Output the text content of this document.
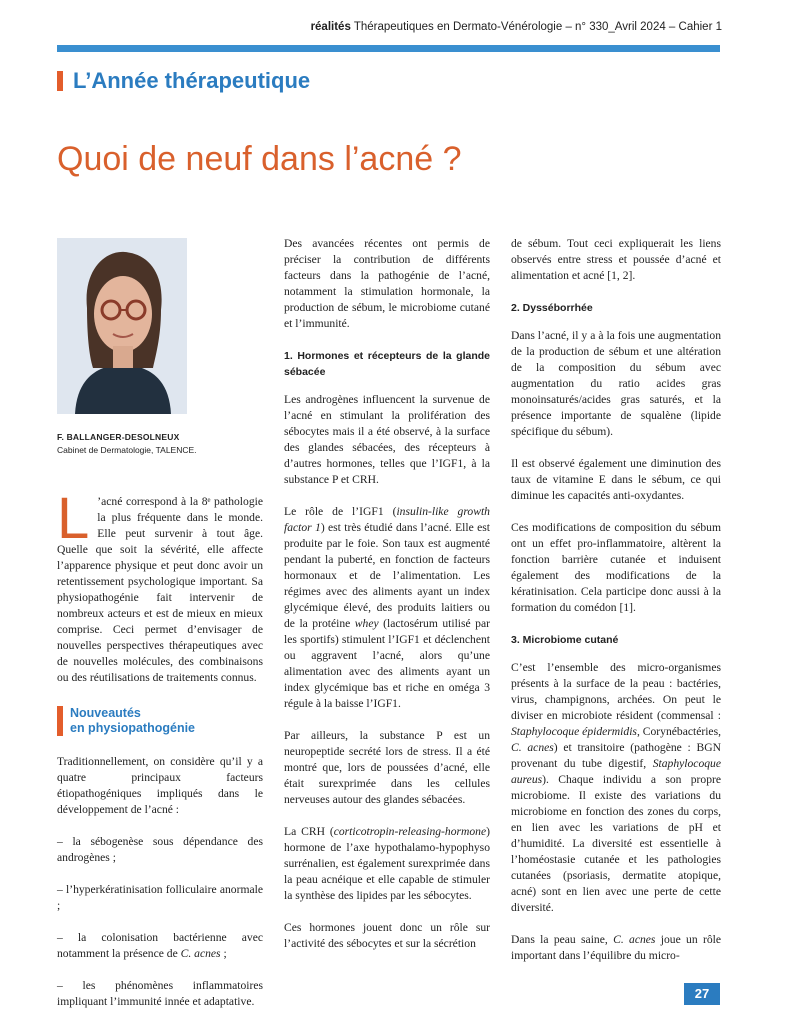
réalités Thérapeutiques en Dermato-Vénérologie – n° 330_Avril 2024 – Cahier 1
L’Année thérapeutique
Quoi de neuf dans l’acné ?
F. BALLANGER-DESOLNEUX
Cabinet de Dermatologie, TALENCE.

L ’acné correspond à la 8ᵉ pathologie la plus fréquente dans le monde. Elle peut survenir à tout âge. Quelle que soit la sévérité, elle affecte l’apparence physique et peut donc avoir un retentissement psychologique important. Sa physiopathogénie fait intervenir de nombreux acteurs et est de mieux en mieux comprise. Ceci permet d’envisager de nouvelles perspectives thérapeutiques avec de nouvelles molécules, des combinaisons ou des réutilisations de traitements connus.

Nouveautés
en physiopathogénie

Traditionnellement, on considère qu’il y a quatre principaux facteurs étiopathogéniques impliqués dans le développement de l’acné :

– la sébogenèse sous dépendance des androgènes ;

– l’hyperkératinisation folliculaire anormale ;

– la colonisation bactérienne avec notamment la présence de C. acnes ;

– les phénomènes inflammatoires impliquant l’immunité innée et adaptative.

Des avancées récentes ont permis de préciser la contribution de différents facteurs dans la pathogénie de l’acné, notamment la stimulation hormonale, la production de sébum, le microbiome cutané et l’immunité.

1. Hormones et récepteurs de la glande sébacée

Les androgènes influencent la survenue de l’acné en stimulant la prolifération des sébocytes mais il a été observé, à la surface des glandes sébacées, des récepteurs à d’autres hormones, telles que l’IGF1, à la substance P et CRH.

Le rôle de l’IGF1 (insulin-like growth factor 1) est très étudié dans l’acné. Elle est produite par le foie. Son taux est augmenté pendant la puberté, en fonction de facteurs hormonaux et de l’alimentation. Les régimes avec des aliments ayant un index glycémique élevé, des produits laitiers ou de la protéine whey (lactosérum utilisé par les sportifs) stimulent l’IGF1 et déclenchent ou aggravent l’acné, alors qu’une alimentation avec des aliments ayant un index glycémique bas et riche en oméga 3 régule à la baisse l’IGF1.

Par ailleurs, la substance P est un neuropeptide secrété lors de stress. Il a été montré que, lors de poussées d’acné, elle était surexprimée dans les cellules nerveuses autour des glandes sébacées.

La CRH (corticotropin-releasing-hormone) hormone de l’axe hypothalamo-hypophyso surrénalien, est également surexprimée dans la peau acnéique et elle capable de stimuler la synthèse des lipides par les sébocytes.

Ces hormones jouent donc un rôle sur l’activité des sébocytes et sur la sécrétion

de sébum. Tout ceci expliquerait les liens observés entre stress et poussée d’acné et alimentation et acné [1, 2].

2. Dysséborrhée

Dans l’acné, il y a à la fois une augmentation de la production de sébum et une altération de la composition du sébum avec augmentation du ratio acides gras monoinsaturés/acides gras saturés, et la présence importante de squalène (lipide spécifique du sébum).

Il est observé également une diminution des taux de vitamine E dans le sébum, ce qui diminue les capacités anti-oxydantes.

Ces modifications de composition du sébum ont un effet pro-inflammatoire, altèrent la fonction barrière cutanée et induisent également des modifications de la kératinisation. Cela participe donc aussi à la formation du comédon [1].

3. Microbiome cutané

C’est l’ensemble des micro-organismes présents à la surface de la peau : bactéries, virus, champignons, archées. On peut le diviser en microbiote résident (commensal : Staphylocoque épidermidis, Corynébactéries, C. acnes) et transitoire (pathogène : BGN provenant du tube digestif, Staphylocoque aureus). Chaque individu a son propre microbiome. Il existe des variations du microbiome en fonction des zones du corps, en lien avec les variations de pH et d’humidité. La diversité est essentielle à l’homéostasie cutanée et les pathologies cutanées (psoriasis, dermatite atopique, acné) sont en lien avec une perte de cette diversité.

Dans la peau saine, C. acnes joue un rôle important dans l’équilibre du micro-

27
